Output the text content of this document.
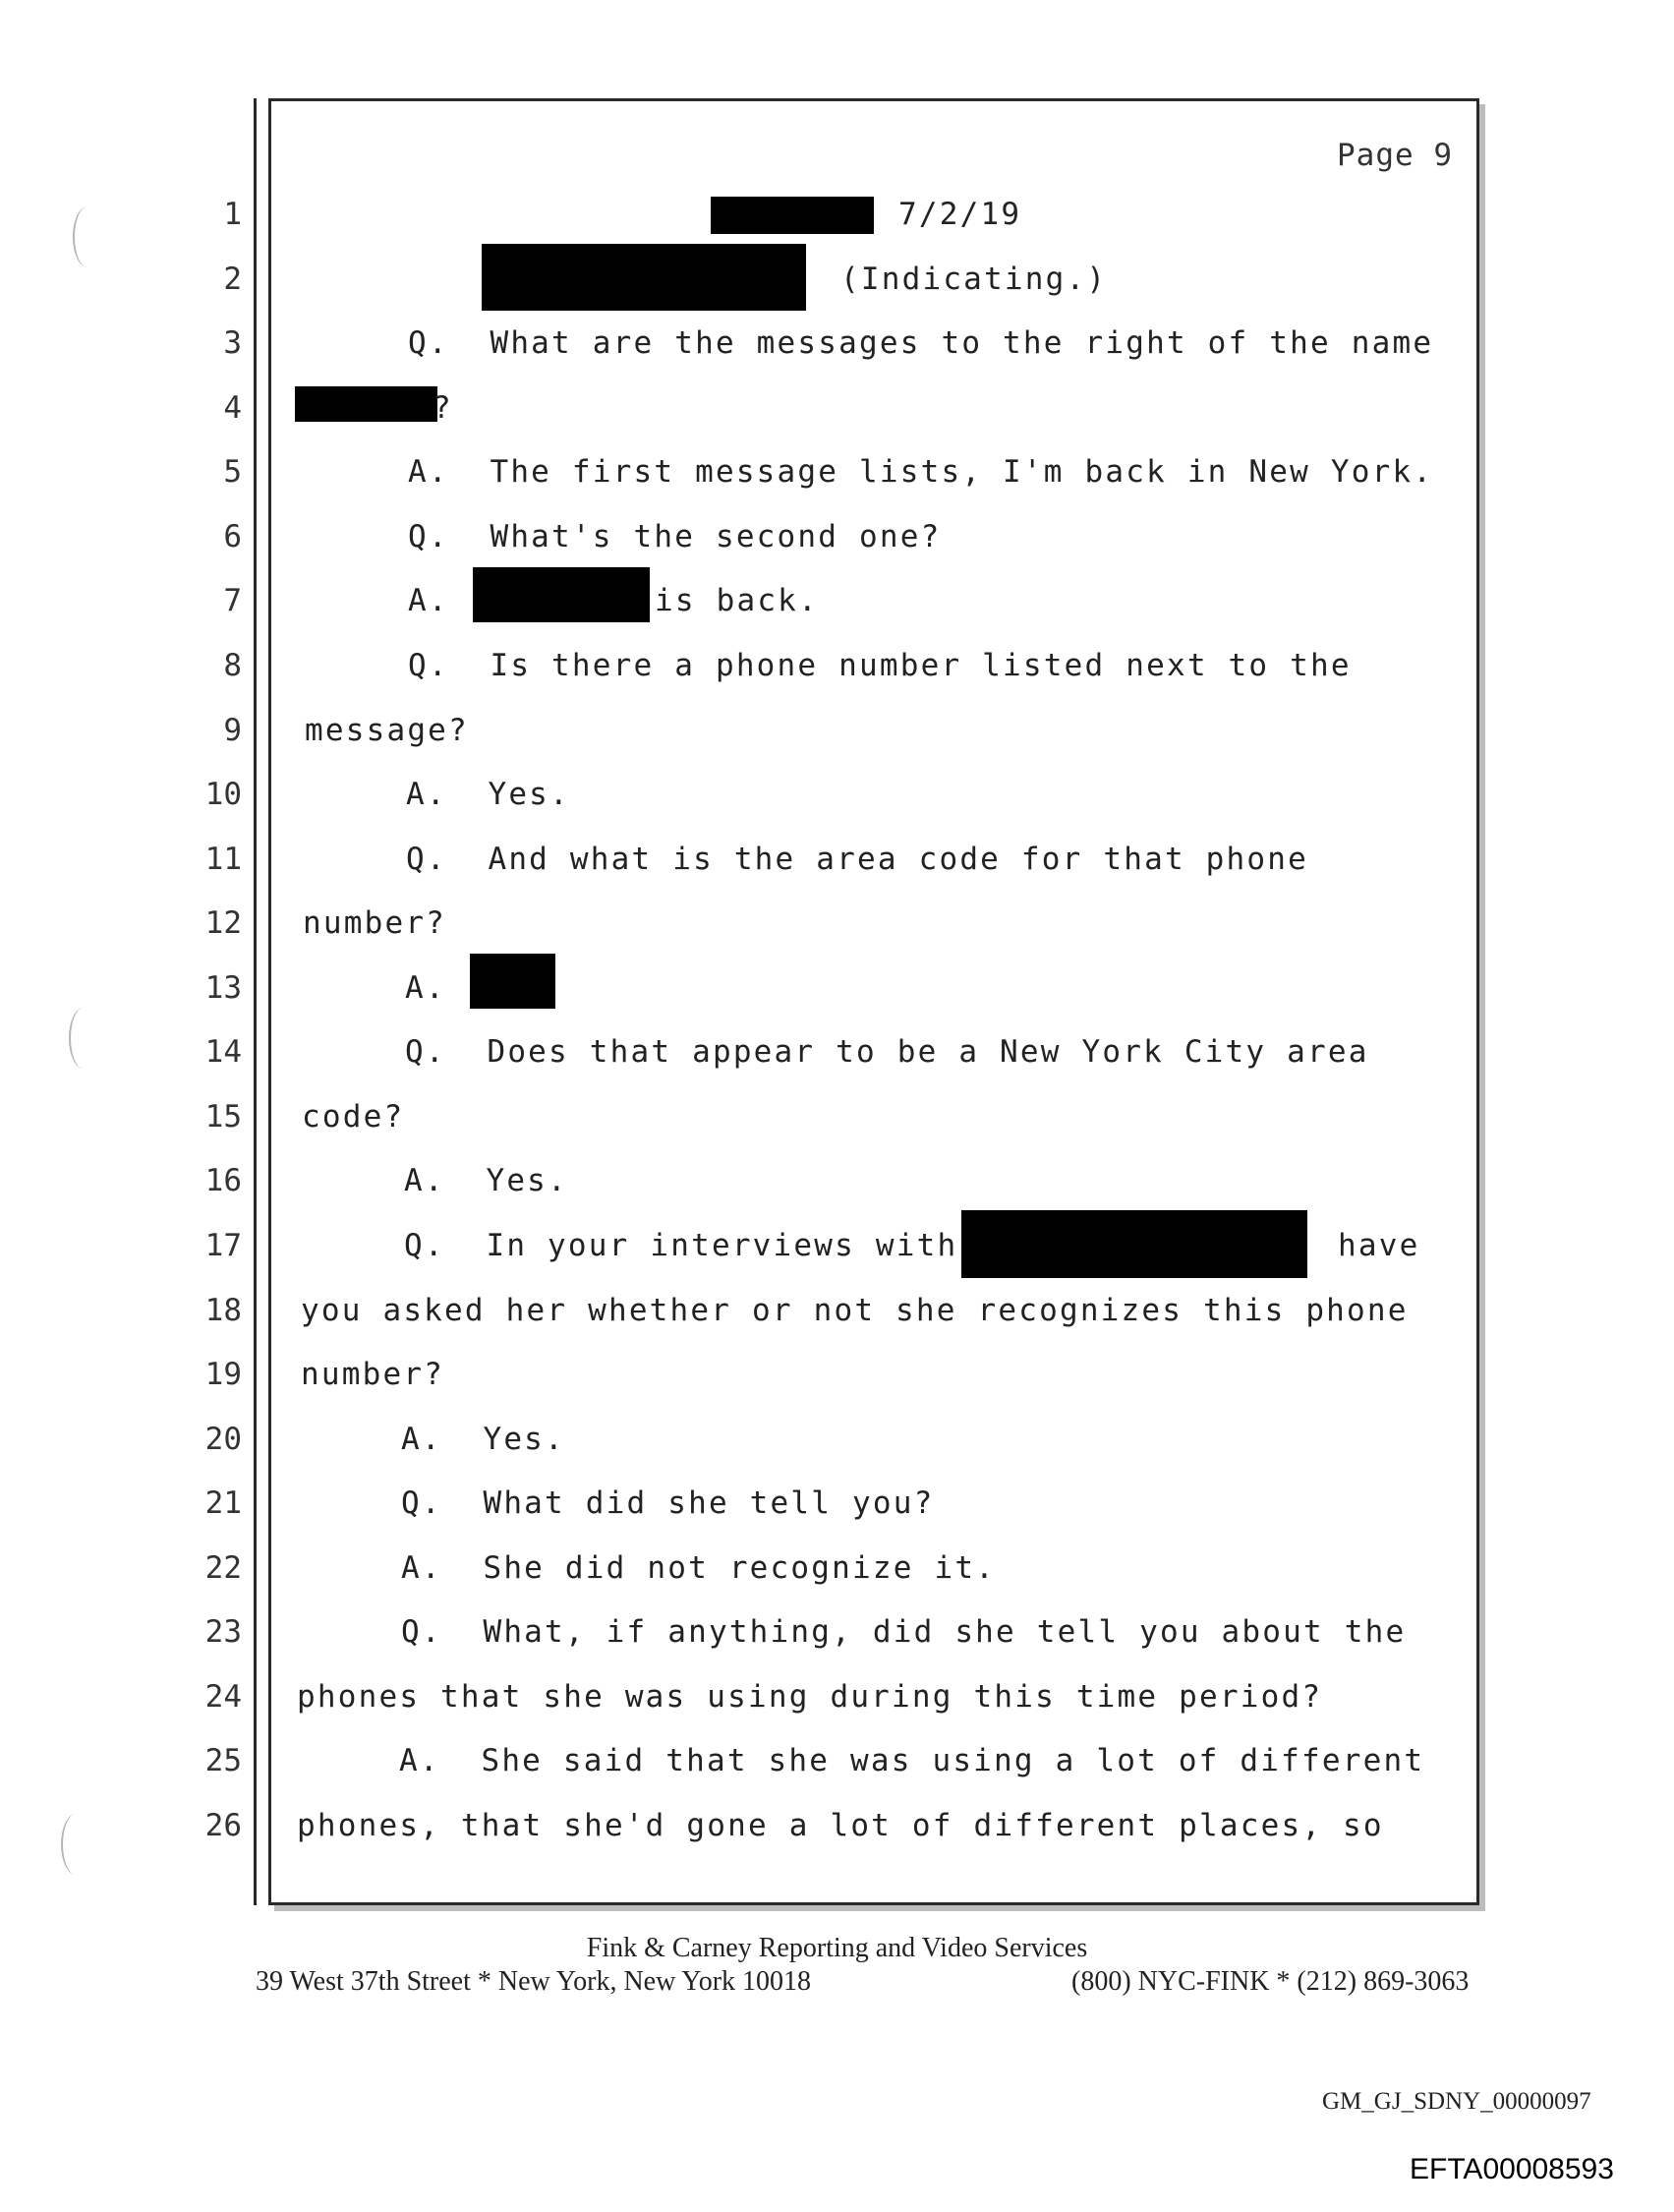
Page 9
1
2
3
4
5
6
7
8
9
10
11
12
13
14
15
16
17
18
19
20
21
22
23
24
25
26
7/2/19
(Indicating.)
Q.  What are the messages to the right of the name
?
A.  The first message lists, I'm back in New York.
Q.  What's the second one?
A.	is back.
Q.  Is there a phone number listed next to the
message?
A.  Yes.
Q.  And what is the area code for that phone
number?
A.
Q.  Does that appear to be a New York City area
code?
A.  Yes.
Q.  In your interviews with	have
you asked her whether or not she recognizes this phone
number?
A.  Yes.
Q.  What did she tell you?
A.  She did not recognize it.
Q.  What, if anything, did she tell you about the
phones that she was using during this time period?
A.  She said that she was using a lot of different
phones, that she'd gone a lot of different places, so
Fink & Carney Reporting and Video Services
39 West 37th Street * New York, New York 10018	(800) NYC-FINK * (212) 869-3063
GM_GJ_SDNY_00000097
EFTA00008593
